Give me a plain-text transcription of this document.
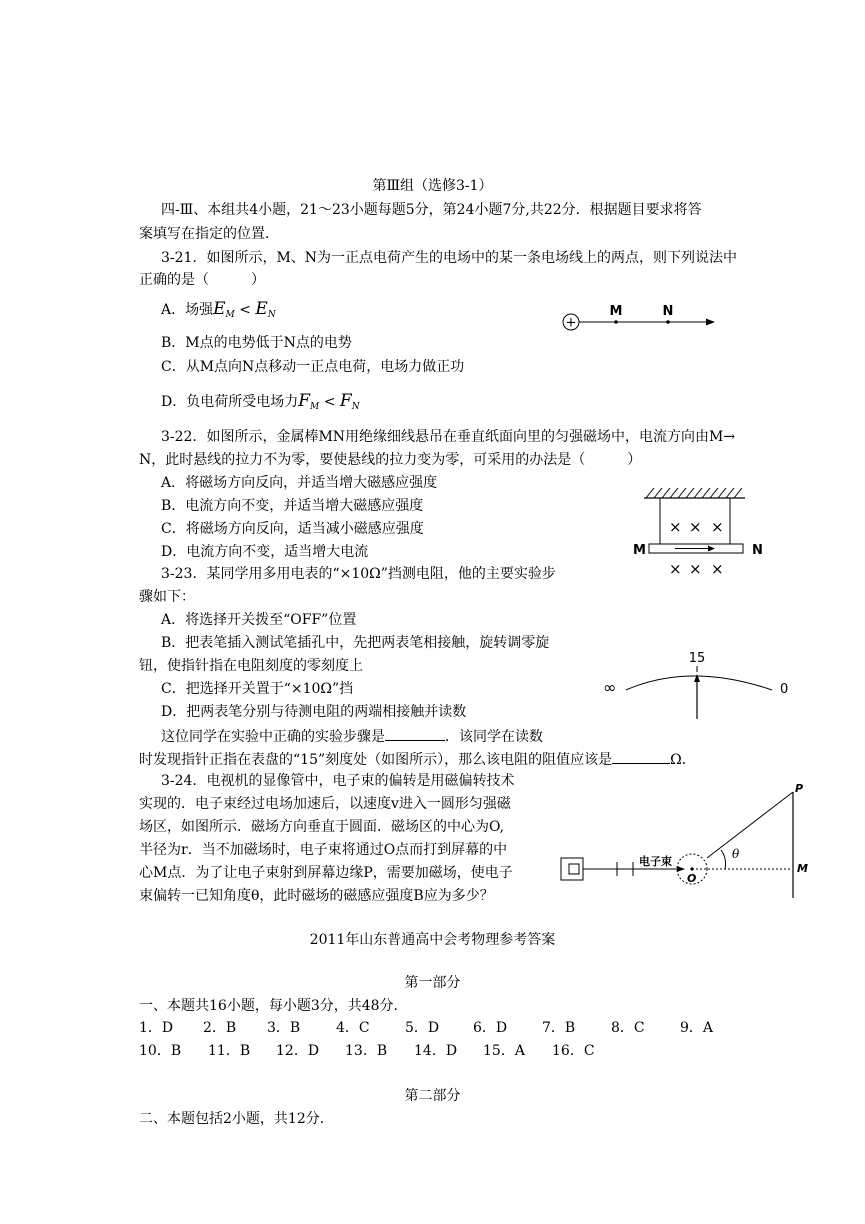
第Ⅲ组（选修3-1）
四-Ⅲ、本组共4小题，21～23小题每题5分，第24小题7分,共22分．根据题目要求将答
案填写在指定的位置．
3-21．如图所示，M、N为一正点电荷产生的电场中的某一条电场线上的两点，则下列说法中
正确的是（　　　）
A．场强$E_M < E_N$
B．M点的电势低于N点的电势
C．从M点向N点移动一正点电荷，电场力做正功
D．负电荷所受电场力$F_M < F_N$
+
M	N
3-22．如图所示，金属棒MN用绝缘细线悬吊在垂直纸面向里的匀强磁场中，电流方向由M→
N，此时悬线的拉力不为零，要使悬线的拉力变为零，可采用的办法是（　　　）
A．将磁场方向反向，并适当增大磁感应强度
B．电流方向不变，并适当增大磁感应强度
C．将磁场方向反向，适当减小磁感应强度
D．电流方向不变，适当增大电流
× × ×
M	N
× × ×
3-23．某同学用多用电表的“×10Ω”挡测电阻，他的主要实验步
骤如下：
A．将选择开关拨至“OFF”位置
B．把表笔插入测试笔插孔中，先把两表笔相接触，旋转调零旋
钮，使指针指在电阻刻度的零刻度上
C．把选择开关置于“×10Ω”挡
D．把两表笔分别与待测电阻的两端相接触并读数
这位同学在实验中正确的实验步骤是	．该同学在读数
时发现指针正指在表盘的“15”刻度处（如图所示），那么该电阻的阻值应该是	Ω．
∞	0
15
3-24．电视机的显像管中，电子束的偏转是用磁偏转技术
实现的．电子束经过电场加速后，以速度v进入一圆形匀强磁
场区，如图所示．磁场方向垂直于圆面．磁场区的中心为O,
半径为r．当不加磁场时，电子束将通过O点而打到屏幕的中
心M点．为了让电子束射到屏幕边缘P，需要加磁场，使电子
束偏转一已知角度θ，此时磁场的磁感应强度B应为多少？
电子束
O
θ
P
M
2011年山东普通高中会考物理参考答案
第一部分
一、本题共16小题，每小题3分，共48分．
1．D 2．B 3．B	4．C	5．D 6．D 7．B	8．C	9．A
10．B 11．B 12．D 13．B 14．D 15．A 16．C
第二部分
二、本题包括2小题，共12分．
